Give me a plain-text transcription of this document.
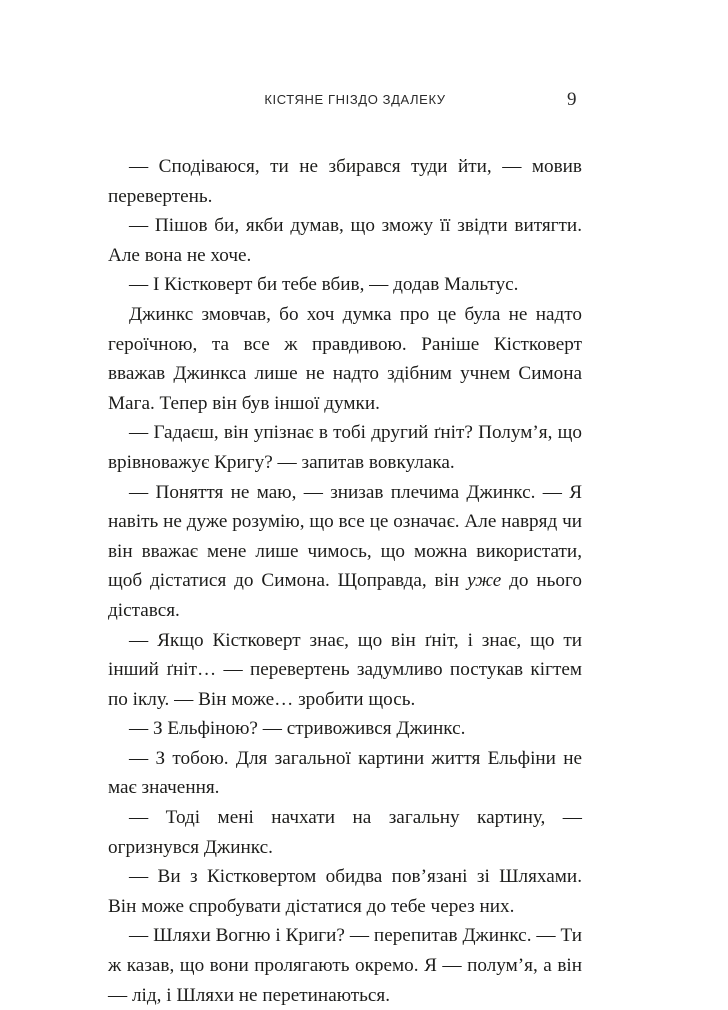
КІСТЯНЕ ГНІЗДО ЗДАЛЕКУ	9

— Сподіваюся, ти не збирався туди йти, — мовив перевертень.

— Пішов би, якби думав, що зможу її звідти витягти. Але вона не хоче.

— І Кістковерт би тебе вбив, — додав Мальтус.

Джинкс змовчав, бо хоч думка про це була не надто героїчною, та все ж правдивою. Раніше Кістковерт вважав Джинкса лише не надто здібним учнем Симона Мага. Тепер він був іншої думки.

— Гадаєш, він упізнає в тобі другий ґніт? Полум’я, що врівноважує Кригу? — запитав вовкулака.

— Поняття не маю, — знизав плечима Джинкс. — Я навіть не дуже розумію, що все це означає. Але навряд чи він вважає мене лише чимось, що можна використати, щоб дістатися до Симона. Щоправда, він уже до нього дістався.

— Якщо Кістковерт знає, що він ґніт, і знає, що ти інший ґніт… — перевертень задумливо постукав кігтем по іклу. — Він може… зробити щось.

— З Ельфіною? — стривожився Джинкс.

— З тобою. Для загальної картини життя Ельфіни не має значення.

— Тоді мені начхати на загальну картину, — огризнувся Джинкс.

— Ви з Кістковертом обидва пов’язані зі Шляхами. Він може спробувати дістатися до тебе через них.

— Шляхи Вогню і Криги? — перепитав Джинкс. — Ти ж казав, що вони пролягають окремо. Я — полум’я, а він — лід, і Шляхи не перетинаються.
